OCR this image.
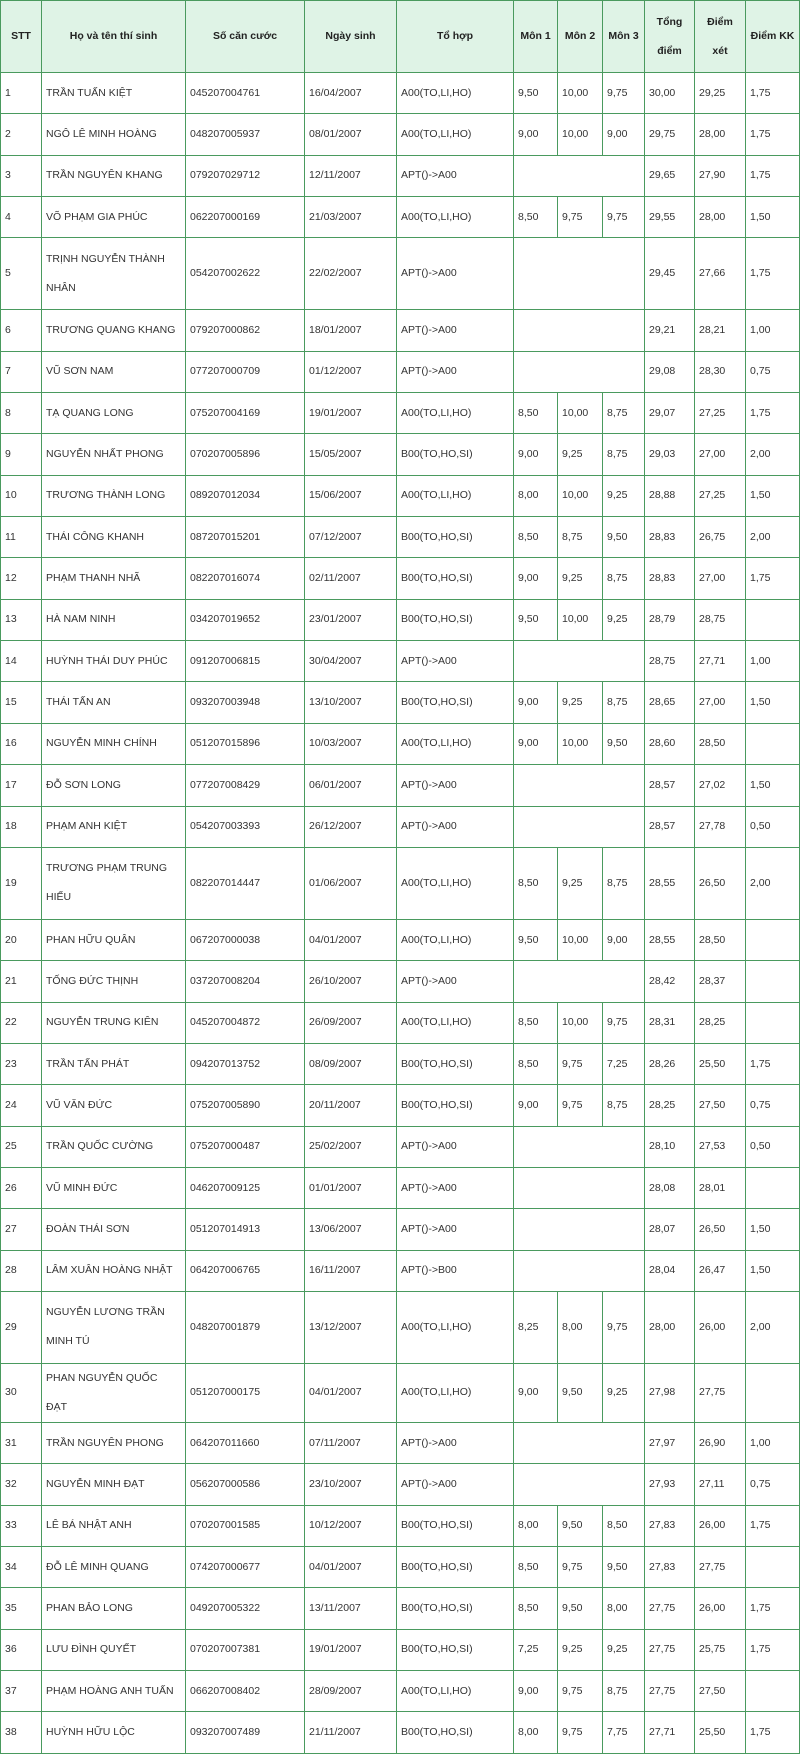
STT	Họ và tên thí sinh	Số căn cước	Ngày sinh	Tổ hợp	Môn 1	Môn 2	Môn 3	Tổng điểm	Điểm xét	Điểm KK
1	TRẦN TUẤN KIỆT	045207004761	16/04/2007	A00(TO,LI,HO)	9,50	10,00	9,75	30,00	29,25	1,75
2	NGÔ LÊ MINH HOÀNG	048207005937	08/01/2007	A00(TO,LI,HO)	9,00	10,00	9,00	29,75	28,00	1,75
3	TRẦN NGUYÊN KHANG	079207029712	12/11/2007	APT()->A00				29,65	27,90	1,75
4	VÕ PHẠM GIA PHÚC	062207000169	21/03/2007	A00(TO,LI,HO)	8,50	9,75	9,75	29,55	28,00	1,50
5	TRỊNH NGUYỄN THÀNH NHÂN	054207002622	22/02/2007	APT()->A00				29,45	27,66	1,75
6	TRƯƠNG QUANG KHANG	079207000862	18/01/2007	APT()->A00				29,21	28,21	1,00
7	VŨ SƠN NAM	077207000709	01/12/2007	APT()->A00				29,08	28,30	0,75
8	TẠ QUANG LONG	075207004169	19/01/2007	A00(TO,LI,HO)	8,50	10,00	8,75	29,07	27,25	1,75
9	NGUYỄN NHẤT PHONG	070207005896	15/05/2007	B00(TO,HO,SI)	9,00	9,25	8,75	29,03	27,00	2,00
10	TRƯƠNG THÀNH LONG	089207012034	15/06/2007	A00(TO,LI,HO)	8,00	10,00	9,25	28,88	27,25	1,50
11	THÁI CÔNG KHANH	087207015201	07/12/2007	B00(TO,HO,SI)	8,50	8,75	9,50	28,83	26,75	2,00
12	PHẠM THANH NHÃ	082207016074	02/11/2007	B00(TO,HO,SI)	9,00	9,25	8,75	28,83	27,00	1,75
13	HÀ NAM NINH	034207019652	23/01/2007	B00(TO,HO,SI)	9,50	10,00	9,25	28,79	28,75	
14	HUỲNH THÁI DUY PHÚC	091207006815	30/04/2007	APT()->A00				28,75	27,71	1,00
15	THÁI TẤN AN	093207003948	13/10/2007	B00(TO,HO,SI)	9,00	9,25	8,75	28,65	27,00	1,50
16	NGUYỄN MINH CHÍNH	051207015896	10/03/2007	A00(TO,LI,HO)	9,00	10,00	9,50	28,60	28,50	
17	ĐỖ SƠN LONG	077207008429	06/01/2007	APT()->A00				28,57	27,02	1,50
18	PHẠM ANH KIỆT	054207003393	26/12/2007	APT()->A00				28,57	27,78	0,50
19	TRƯƠNG PHẠM TRUNG HIẾU	082207014447	01/06/2007	A00(TO,LI,HO)	8,50	9,25	8,75	28,55	26,50	2,00
20	PHAN HỮU QUÂN	067207000038	04/01/2007	A00(TO,LI,HO)	9,50	10,00	9,00	28,55	28,50	
21	TỐNG ĐỨC THỊNH	037207008204	26/10/2007	APT()->A00				28,42	28,37	
22	NGUYỄN TRUNG KIÊN	045207004872	26/09/2007	A00(TO,LI,HO)	8,50	10,00	9,75	28,31	28,25	
23	TRẦN TẤN PHÁT	094207013752	08/09/2007	B00(TO,HO,SI)	8,50	9,75	7,25	28,26	25,50	1,75
24	VŨ VĂN ĐỨC	075207005890	20/11/2007	B00(TO,HO,SI)	9,00	9,75	8,75	28,25	27,50	0,75
25	TRẦN QUỐC CƯỜNG	075207000487	25/02/2007	APT()->A00				28,10	27,53	0,50
26	VŨ MINH ĐỨC	046207009125	01/01/2007	APT()->A00				28,08	28,01	
27	ĐOÀN THÁI SƠN	051207014913	13/06/2007	APT()->A00				28,07	26,50	1,50
28	LÂM XUÂN HOÀNG NHẬT	064207006765	16/11/2007	APT()->B00				28,04	26,47	1,50
29	NGUYỄN LƯƠNG TRẦN MINH TÚ	048207001879	13/12/2007	A00(TO,LI,HO)	8,25	8,00	9,75	28,00	26,00	2,00
30	PHAN NGUYỄN QUỐC ĐẠT	051207000175	04/01/2007	A00(TO,LI,HO)	9,00	9,50	9,25	27,98	27,75	
31	TRẦN NGUYÊN PHONG	064207011660	07/11/2007	APT()->A00				27,97	26,90	1,00
32	NGUYỄN MINH ĐẠT	056207000586	23/10/2007	APT()->A00				27,93	27,11	0,75
33	LÊ BÁ NHẬT ANH	070207001585	10/12/2007	B00(TO,HO,SI)	8,00	9,50	8,50	27,83	26,00	1,75
34	ĐỖ LÊ MINH QUANG	074207000677	04/01/2007	B00(TO,HO,SI)	8,50	9,75	9,50	27,83	27,75	
35	PHAN BẢO LONG	049207005322	13/11/2007	B00(TO,HO,SI)	8,50	9,50	8,00	27,75	26,00	1,75
36	LƯU ĐÌNH QUYẾT	070207007381	19/01/2007	B00(TO,HO,SI)	7,25	9,25	9,25	27,75	25,75	1,75
37	PHẠM HOÀNG ANH TUẤN	066207008402	28/09/2007	A00(TO,LI,HO)	9,00	9,75	8,75	27,75	27,50	
38	HUỲNH HỮU LỘC	093207007489	21/11/2007	B00(TO,HO,SI)	8,00	9,75	7,75	27,71	25,50	1,75
